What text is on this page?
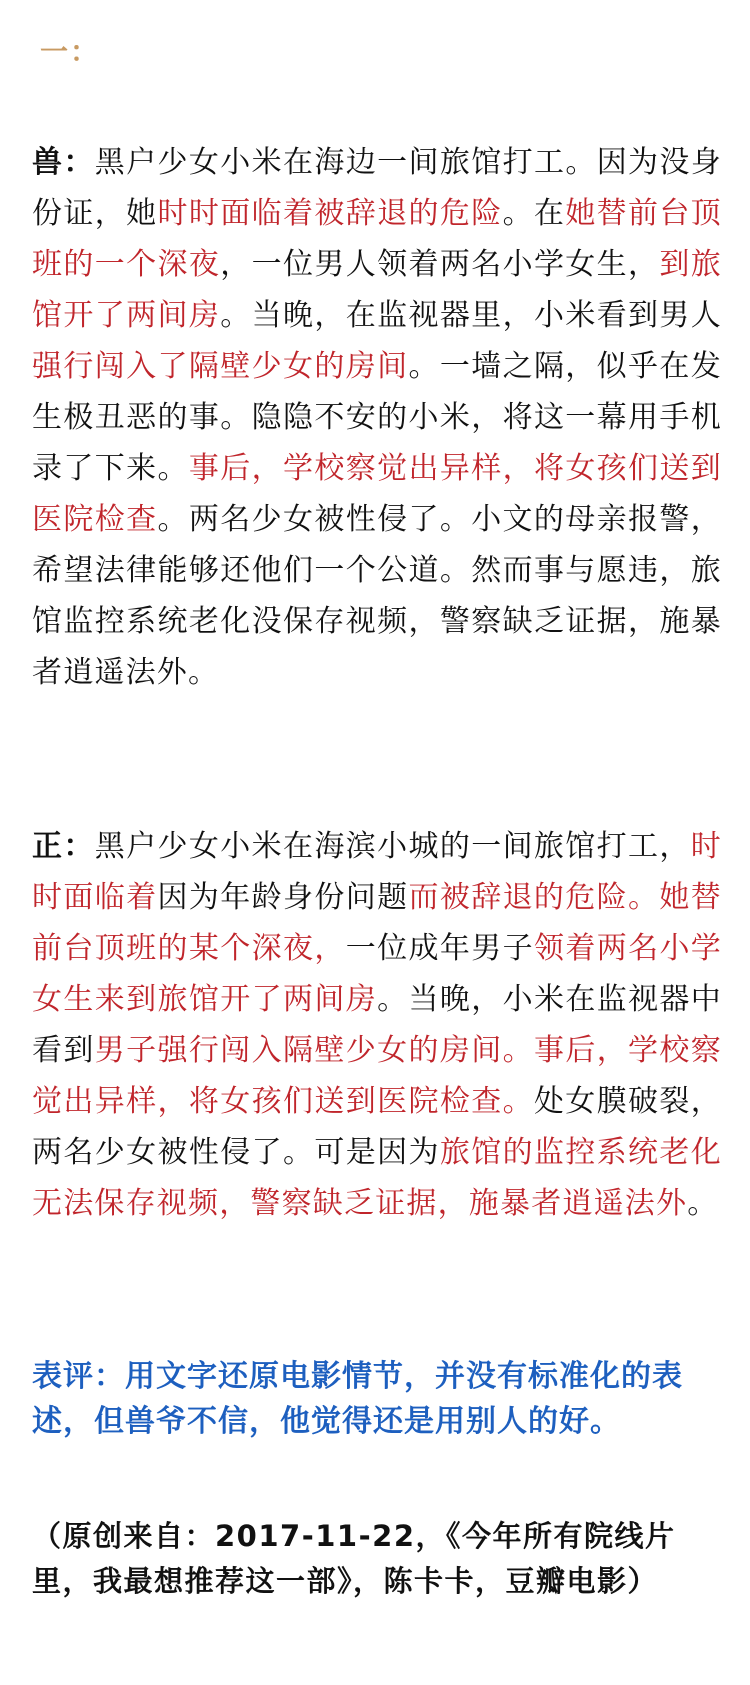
一：
兽：黑户少女小米在海边一间旅馆打工。因为没身份证，她时时面临着被辞退的危险。在她替前台顶班的一个深夜，一位男人领着两名小学女生，到旅馆开了两间房。当晚，在监视器里，小米看到男人强行闯入了隔壁少女的房间。一墙之隔，似乎在发生极丑恶的事。隐隐不安的小米，将这一幕用手机录了下来。事后，学校察觉出异样，将女孩们送到医院检查。两名少女被性侵了。小文的母亲报警，希望法律能够还他们一个公道。然而事与愿违，旅馆监控系统老化没保存视频，警察缺乏证据，施暴者逍遥法外。
正：黑户少女小米在海滨小城的一间旅馆打工，时时面临着因为年龄身份问题而被辞退的危险。她替前台顶班的某个深夜，一位成年男子领着两名小学女生来到旅馆开了两间房。当晚，小米在监视器中看到男子强行闯入隔壁少女的房间。事后，学校察觉出异样，将女孩们送到医院检查。处女膜破裂，两名少女被性侵了。可是因为旅馆的监控系统老化无法保存视频，警察缺乏证据，施暴者逍遥法外。
表评：用文字还原电影情节，并没有标准化的表述，但兽爷不信，他觉得还是用别人的好。
（原创来自：2017-11-22，《今年所有院线片里，我最想推荐这一部》，陈卡卡，豆瓣电影）
